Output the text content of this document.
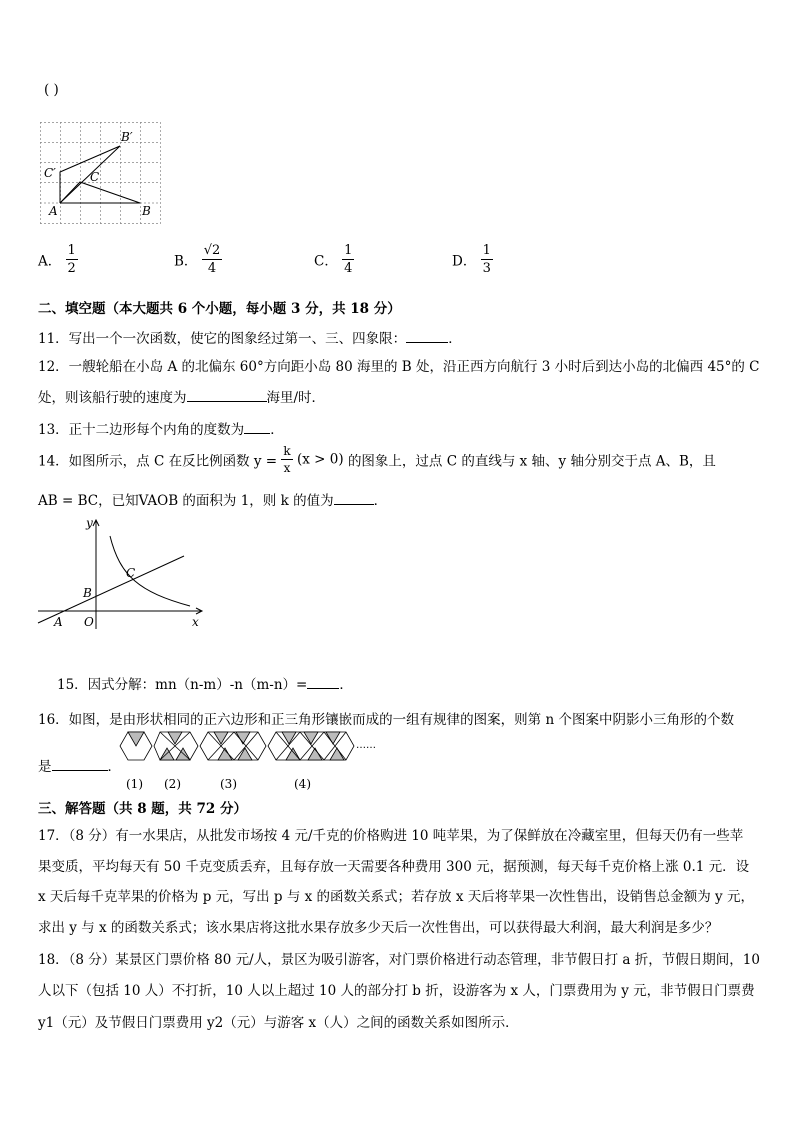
( )
B′
C′	C
A	B
A． $\frac{1}{2}$	B． $\frac{√2}{4}$	C． $\frac{1}{4}$	D． $\frac{1}{3}$
二、填空题（本大题共 6 个小题，每小题 3 分，共 18 分）
11．写出一个一次函数，使它的图象经过第一、三、四象限：	．
12．一艘轮船在小岛 A 的北偏东 60°方向距小岛 80 海里的 B 处，沿正西方向航行 3 小时后到达小岛的北偏西 45°的 C
处，则该船行驶的速度为	海里/时．
13．正十二边形每个内角的度数为 ．
14．如图所示，点 C 在反比例函数 $y = \frac{k}{x} (x > 0)$ 的图象上，过点 C 的直线与 x 轴、y 轴分别交于点 A、B，且
AB = BC，已知VAOB 的面积为 1，则 k 的值为	．
y
x
C
B
A O
15．因式分解：mn（n-m）-n（m-n）= ．
16．如图，是由形状相同的正六边形和正三角形镶嵌而成的一组有规律的图案，则第 n 个图案中阴影小三角形的个数
是	．
……
(1) (2)	(3)	(4)
三、解答题（共 8 题，共 72 分）
17．（8 分）有一水果店，从批发市场按 4 元/千克的价格购进 10 吨苹果，为了保鲜放在冷藏室里，但每天仍有一些苹
果变质，平均每天有 50 千克变质丢弃，且每存放一天需要各种费用 300 元，据预测，每天每千克价格上涨 0.1 元．设
x 天后每千克苹果的价格为 p 元，写出 p 与 x 的函数关系式；若存放 x 天后将苹果一次性售出，设销售总金额为 y 元，
求出 y 与 x 的函数关系式；该水果店将这批水果存放多少天后一次性售出，可以获得最大利润，最大利润是多少？
18．（8 分）某景区门票价格 80 元/人，景区为吸引游客，对门票价格进行动态管理，非节假日打 a 折，节假日期间，10
人以下（包括 10 人）不打折，10 人以上超过 10 人的部分打 b 折，设游客为 x 人，门票费用为 y 元，非节假日门票费
y1（元）及节假日门票费用 y2（元）与游客 x（人）之间的函数关系如图所示．
